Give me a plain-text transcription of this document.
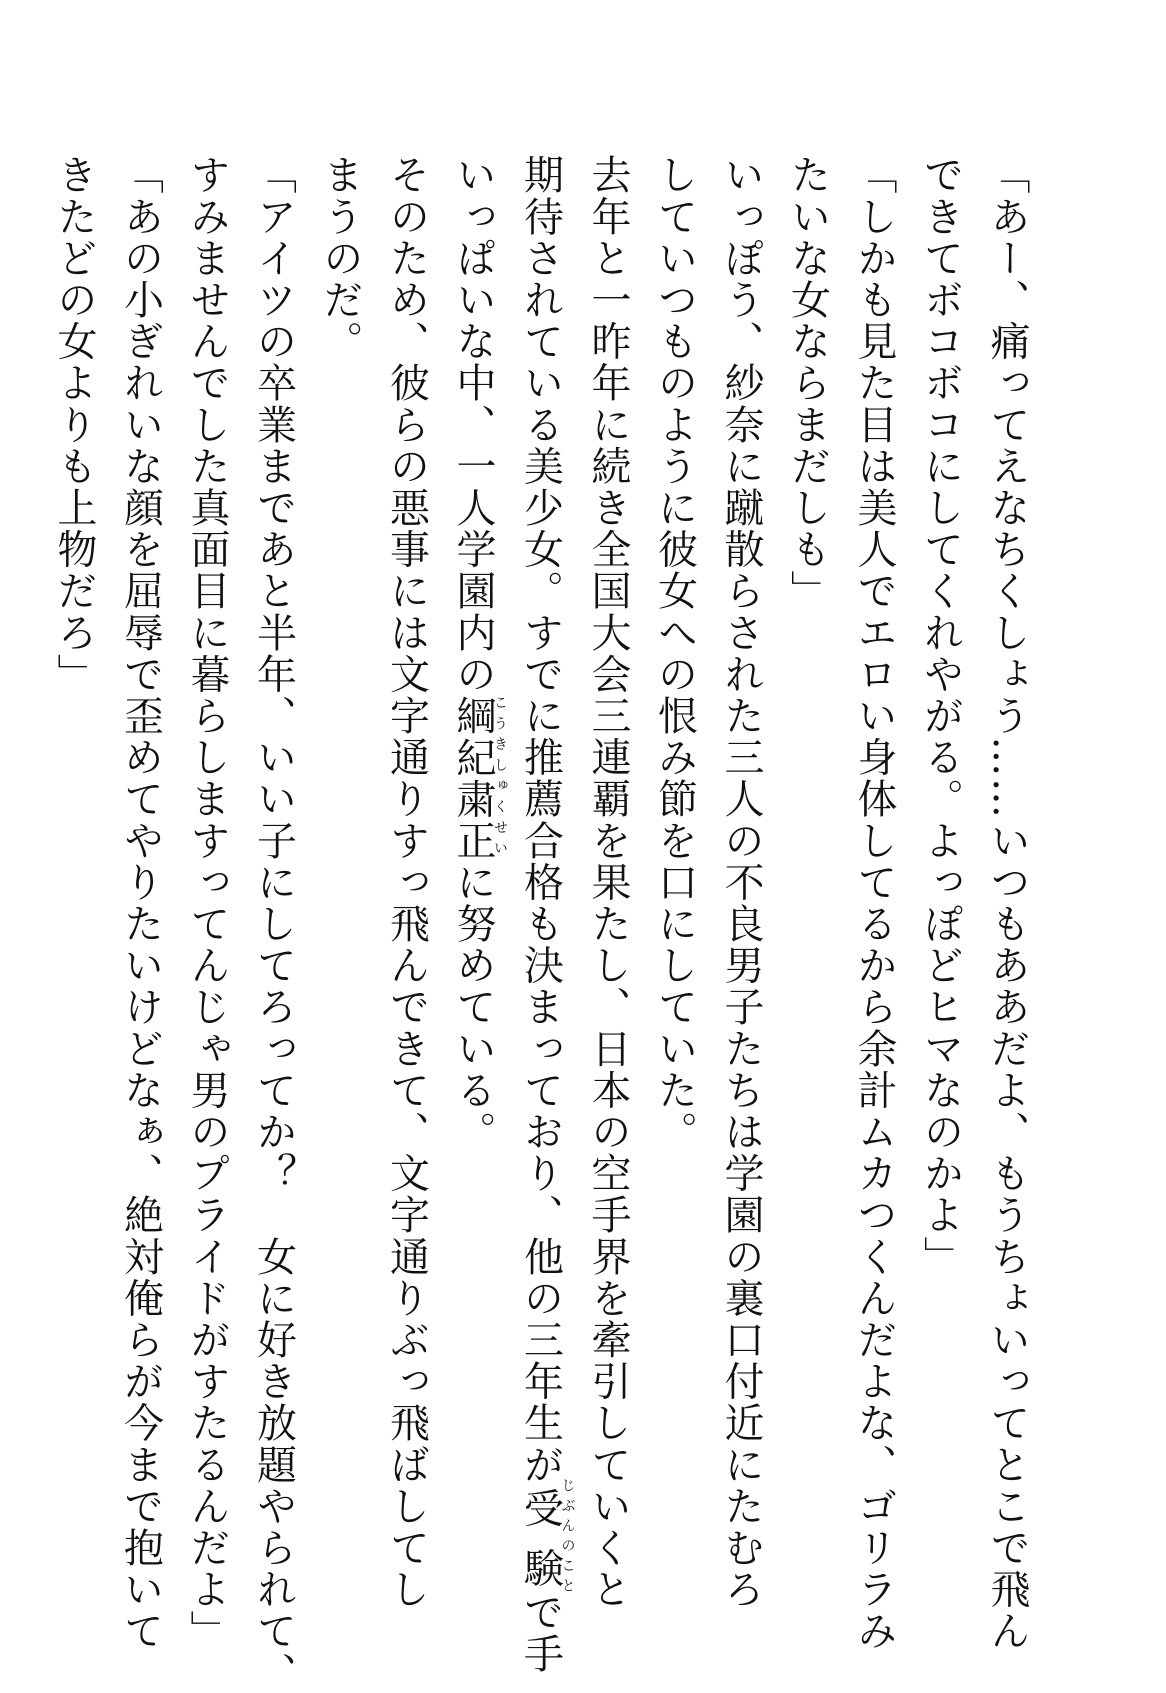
「あー、痛ってえなちくしょう……いつもああだよ、もうちょいってとこで飛ん
できてボコボコにしてくれやがる。よっぽどヒマなのかよ」
「しかも見た目は美人でエロい身体してるから余計ムカつくんだよな、ゴリラみ
たいな女ならまだしも」
いっぽう、紗奈に蹴散らされた三人の不良男子たちは学園の裏口付近にたむろ
していつものように彼女への恨み節を口にしていた。
去年と一昨年に続き全国大会三連覇を果たし、日本の空手界を牽引していくと
期待されている美少女。すでに推薦合格も決まっており、他の三年生が受験じぶんのことで手
いっぱいな中、一人学園内の綱紀粛正こうきしゅくせいに努めている。
そのため、彼らの悪事には文字通りすっ飛んできて、文字通りぶっ飛ばしてし
まうのだ。
「アイツの卒業まであと半年、いい子にしてろってか？　女に好き放題やられて、
すみませんでした真面目に暮らしますってんじゃ男のプライドがすたるんだよ」
「あの小ぎれいな顔を屈辱で歪めてやりたいけどなぁ、絶対俺らが今まで抱いて
きたどの女よりも上物だろ」
